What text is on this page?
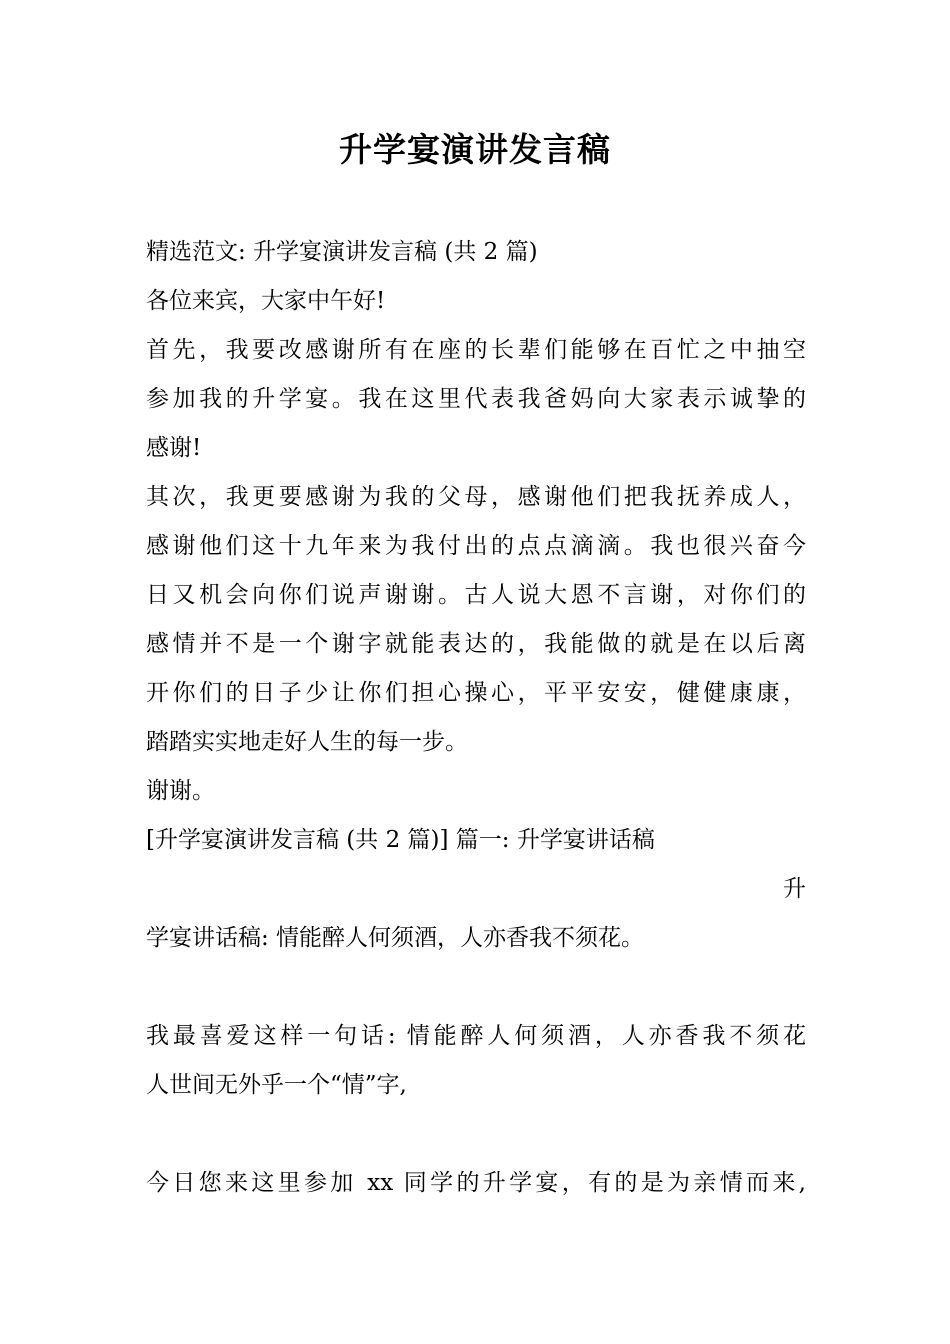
升学宴演讲发言稿
精选范文: 升学宴演讲发言稿 (共 2 篇)
各位来宾，大家中午好!
首先，我要改感谢所有在座的长辈们能够在百忙之中抽空
参加我的升学宴。我在这里代表我爸妈向大家表示诚挚的
感谢!
其次，我更要感谢为我的父母，感谢他们把我抚养成人，
感谢他们这十九年来为我付出的点点滴滴。我也很兴奋今
日又机会向你们说声谢谢。古人说大恩不言谢，对你们的
感情并不是一个谢字就能表达的，我能做的就是在以后离
开你们的日子少让你们担心操心，平平安安，健健康康，
踏踏实实地走好人生的每一步。
谢谢。
[升学宴演讲发言稿 (共 2 篇)] 篇一: 升学宴讲话稿
升
学宴讲话稿: 情能醉人何须酒，人亦香我不须花。
我最喜爱这样一句话: 情能醉人何须酒，人亦香我不须花
人世间无外乎一个“情”字,
今日您来这里参加 xx 同学的升学宴，有的是为亲情而来,
